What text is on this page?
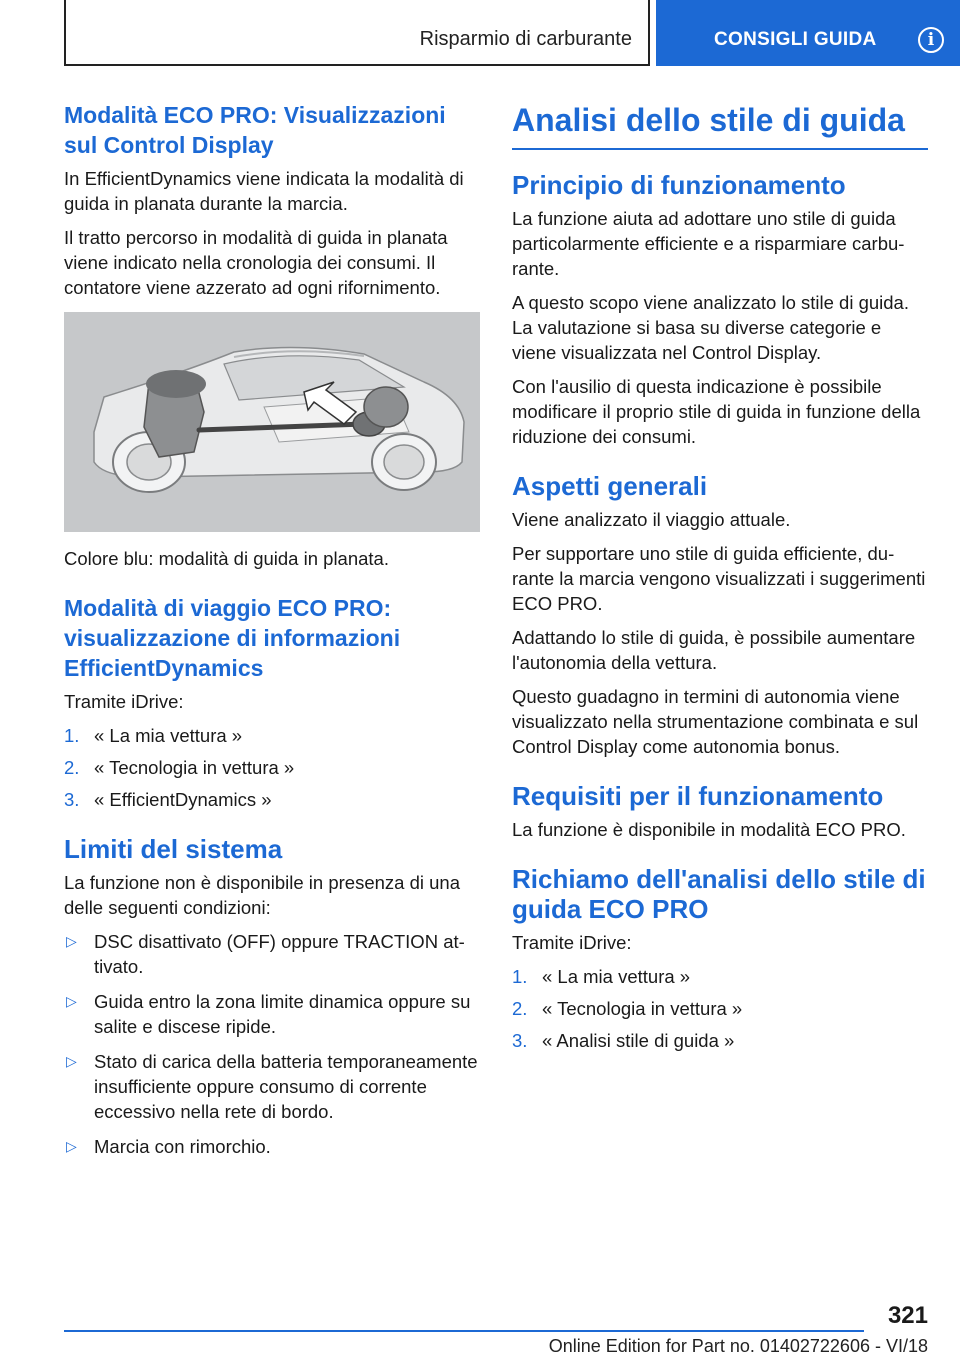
Risparmio di carburante	CONSIGLI GUIDA	i
Modalità ECO PRO: Visualizzazioni sul Control Display

In EfficientDynamics viene indicata la modalità di guida in planata durante la marcia.

Il tratto percorso in modalità di guida in planata viene indicato nella cronologia dei consumi. Il contatore viene azzerato ad ogni rifornimento.

Colore blu: modalità di guida in planata.

Modalità di viaggio ECO PRO: visualizzazione di informazioni EfficientDynamics

Tramite iDrive:

1. « La mia vettura »
2. « Tecnologia in vettura »
3. « EfficientDynamics »
Limiti del sistema

La funzione non è disponibile in presenza di una delle seguenti condizioni:

▷ DSC disattivato (OFF) oppure TRACTION attivato.
▷ Guida entro la zona limite dinamica oppure su salite e discese ripide.
▷ Stato di carica della batteria temporaneamente insufficiente oppure consumo di corrente eccessivo nella rete di bordo.
▷ Marcia con rimorchio.
Analisi dello stile di guida
Principio di funzionamento

La funzione aiuta ad adottare uno stile di guida particolarmente efficiente e a risparmiare carburante.

A questo scopo viene analizzato lo stile di guida. La valutazione si basa su diverse categorie e viene visualizzata nel Control Display.

Con l'ausilio di questa indicazione è possibile modificare il proprio stile di guida in funzione della riduzione dei consumi.

Aspetti generali

Viene analizzato il viaggio attuale.

Per supportare uno stile di guida efficiente, durante la marcia vengono visualizzati i suggerimenti ECO PRO.

Adattando lo stile di guida, è possibile aumentare l'autonomia della vettura.

Questo guadagno in termini di autonomia viene visualizzato nella strumentazione combinata e sul Control Display come autonomia bonus.

Requisiti per il funzionamento

La funzione è disponibile in modalità ECO PRO.

Richiamo dell'analisi dello stile di guida ECO PRO

Tramite iDrive:

1. « La mia vettura »
2. « Tecnologia in vettura »
3. « Analisi stile di guida »
321
Online Edition for Part no. 01402722606 - VI/18
